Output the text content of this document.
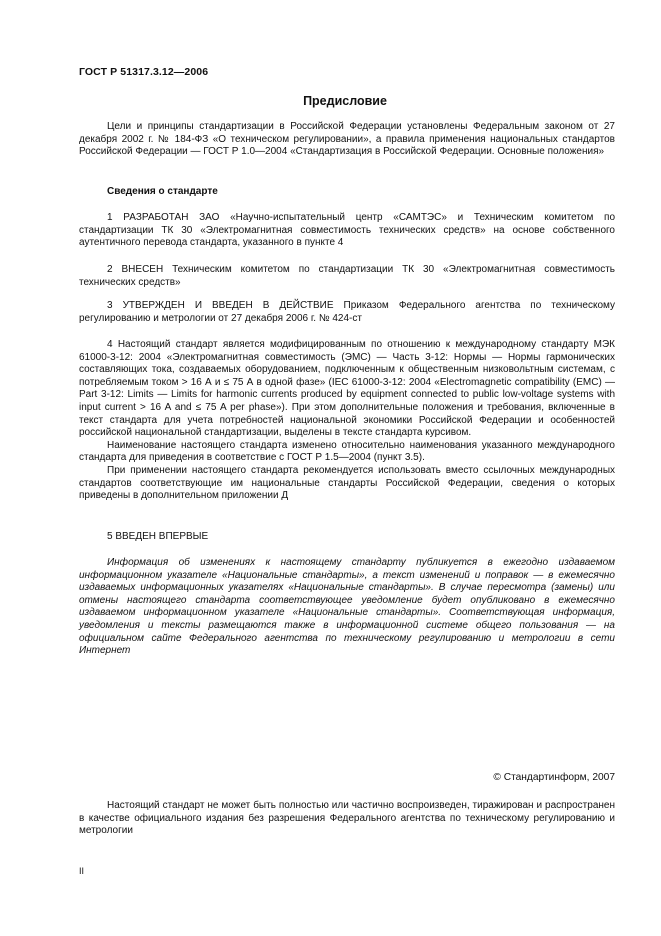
ГОСТ Р 51317.3.12—2006
Предисловие

Цели и принципы стандартизации в Российской Федерации установлены Федеральным законом от 27 декабря 2002 г. № 184-ФЗ «О техническом регулировании», а правила применения национальных стандартов Российской Федерации — ГОСТ Р 1.0—2004 «Стандартизация в Российской Федерации. Основные положения»

Сведения о стандарте

1 РАЗРАБОТАН ЗАО «Научно-испытательный центр «САМТЭС» и Техническим комитетом по стандартизации ТК 30 «Электромагнитная совместимость технических средств» на основе собственного аутентичного перевода стандарта, указанного в пункте 4

2 ВНЕСЕН Техническим комитетом по стандартизации ТК 30 «Электромагнитная совместимость технических средств»

3 УТВЕРЖДЕН И ВВЕДЕН В ДЕЙСТВИЕ Приказом Федерального агентства по техническому регулированию и метрологии от 27 декабря 2006 г. № 424-ст

4 Настоящий стандарт является модифицированным по отношению к международному стандарту МЭК 61000-3-12: 2004 «Электромагнитная совместимость (ЭМС) — Часть 3-12: Нормы — Нормы гармонических составляющих тока, создаваемых оборудованием, подключенным к общественным низковольтным системам, с потребляемым током > 16 А и ≤ 75 А в одной фазе» (IEC 61000-3-12: 2004 «Electromagnetic compatibility (EMC) — Part 3-12: Limits — Limits for harmonic currents produced by equipment connected to public low-voltage systems with input current > 16 A and ≤ 75 A per phase»). При этом дополнительные положения и требования, включенные в текст стандарта для учета потребностей национальной экономики Российской Федерации и особенностей российской национальной стандартизации, выделены в тексте стандарта курсивом.

Наименование настоящего стандарта изменено относительно наименования указанного международного стандарта для приведения в соответствие с ГОСТ Р 1.5—2004 (пункт 3.5).

При применении настоящего стандарта рекомендуется использовать вместо ссылочных международных стандартов соответствующие им национальные стандарты Российской Федерации, сведения о которых приведены в дополнительном приложении Д

5 ВВЕДЕН ВПЕРВЫЕ

Информация об изменениях к настоящему стандарту публикуется в ежегодно издаваемом информационном указателе «Национальные стандарты», а текст изменений и поправок — в ежемесячно издаваемых информационных указателях «Национальные стандарты». В случае пересмотра (замены) или отмены настоящего стандарта соответствующее уведомление будет опубликовано в ежемесячно издаваемом информационном указателе «Национальные стандарты». Соответствующая информация, уведомления и тексты размещаются также в информационной системе общего пользования — на официальном сайте Федерального агентства по техническому регулированию и метрологии в сети Интернет

© Стандартинформ, 2007

Настоящий стандарт не может быть полностью или частично воспроизведен, тиражирован и распространен в качестве официального издания без разрешения Федерального агентства по техническому регулированию и метрологии

II
